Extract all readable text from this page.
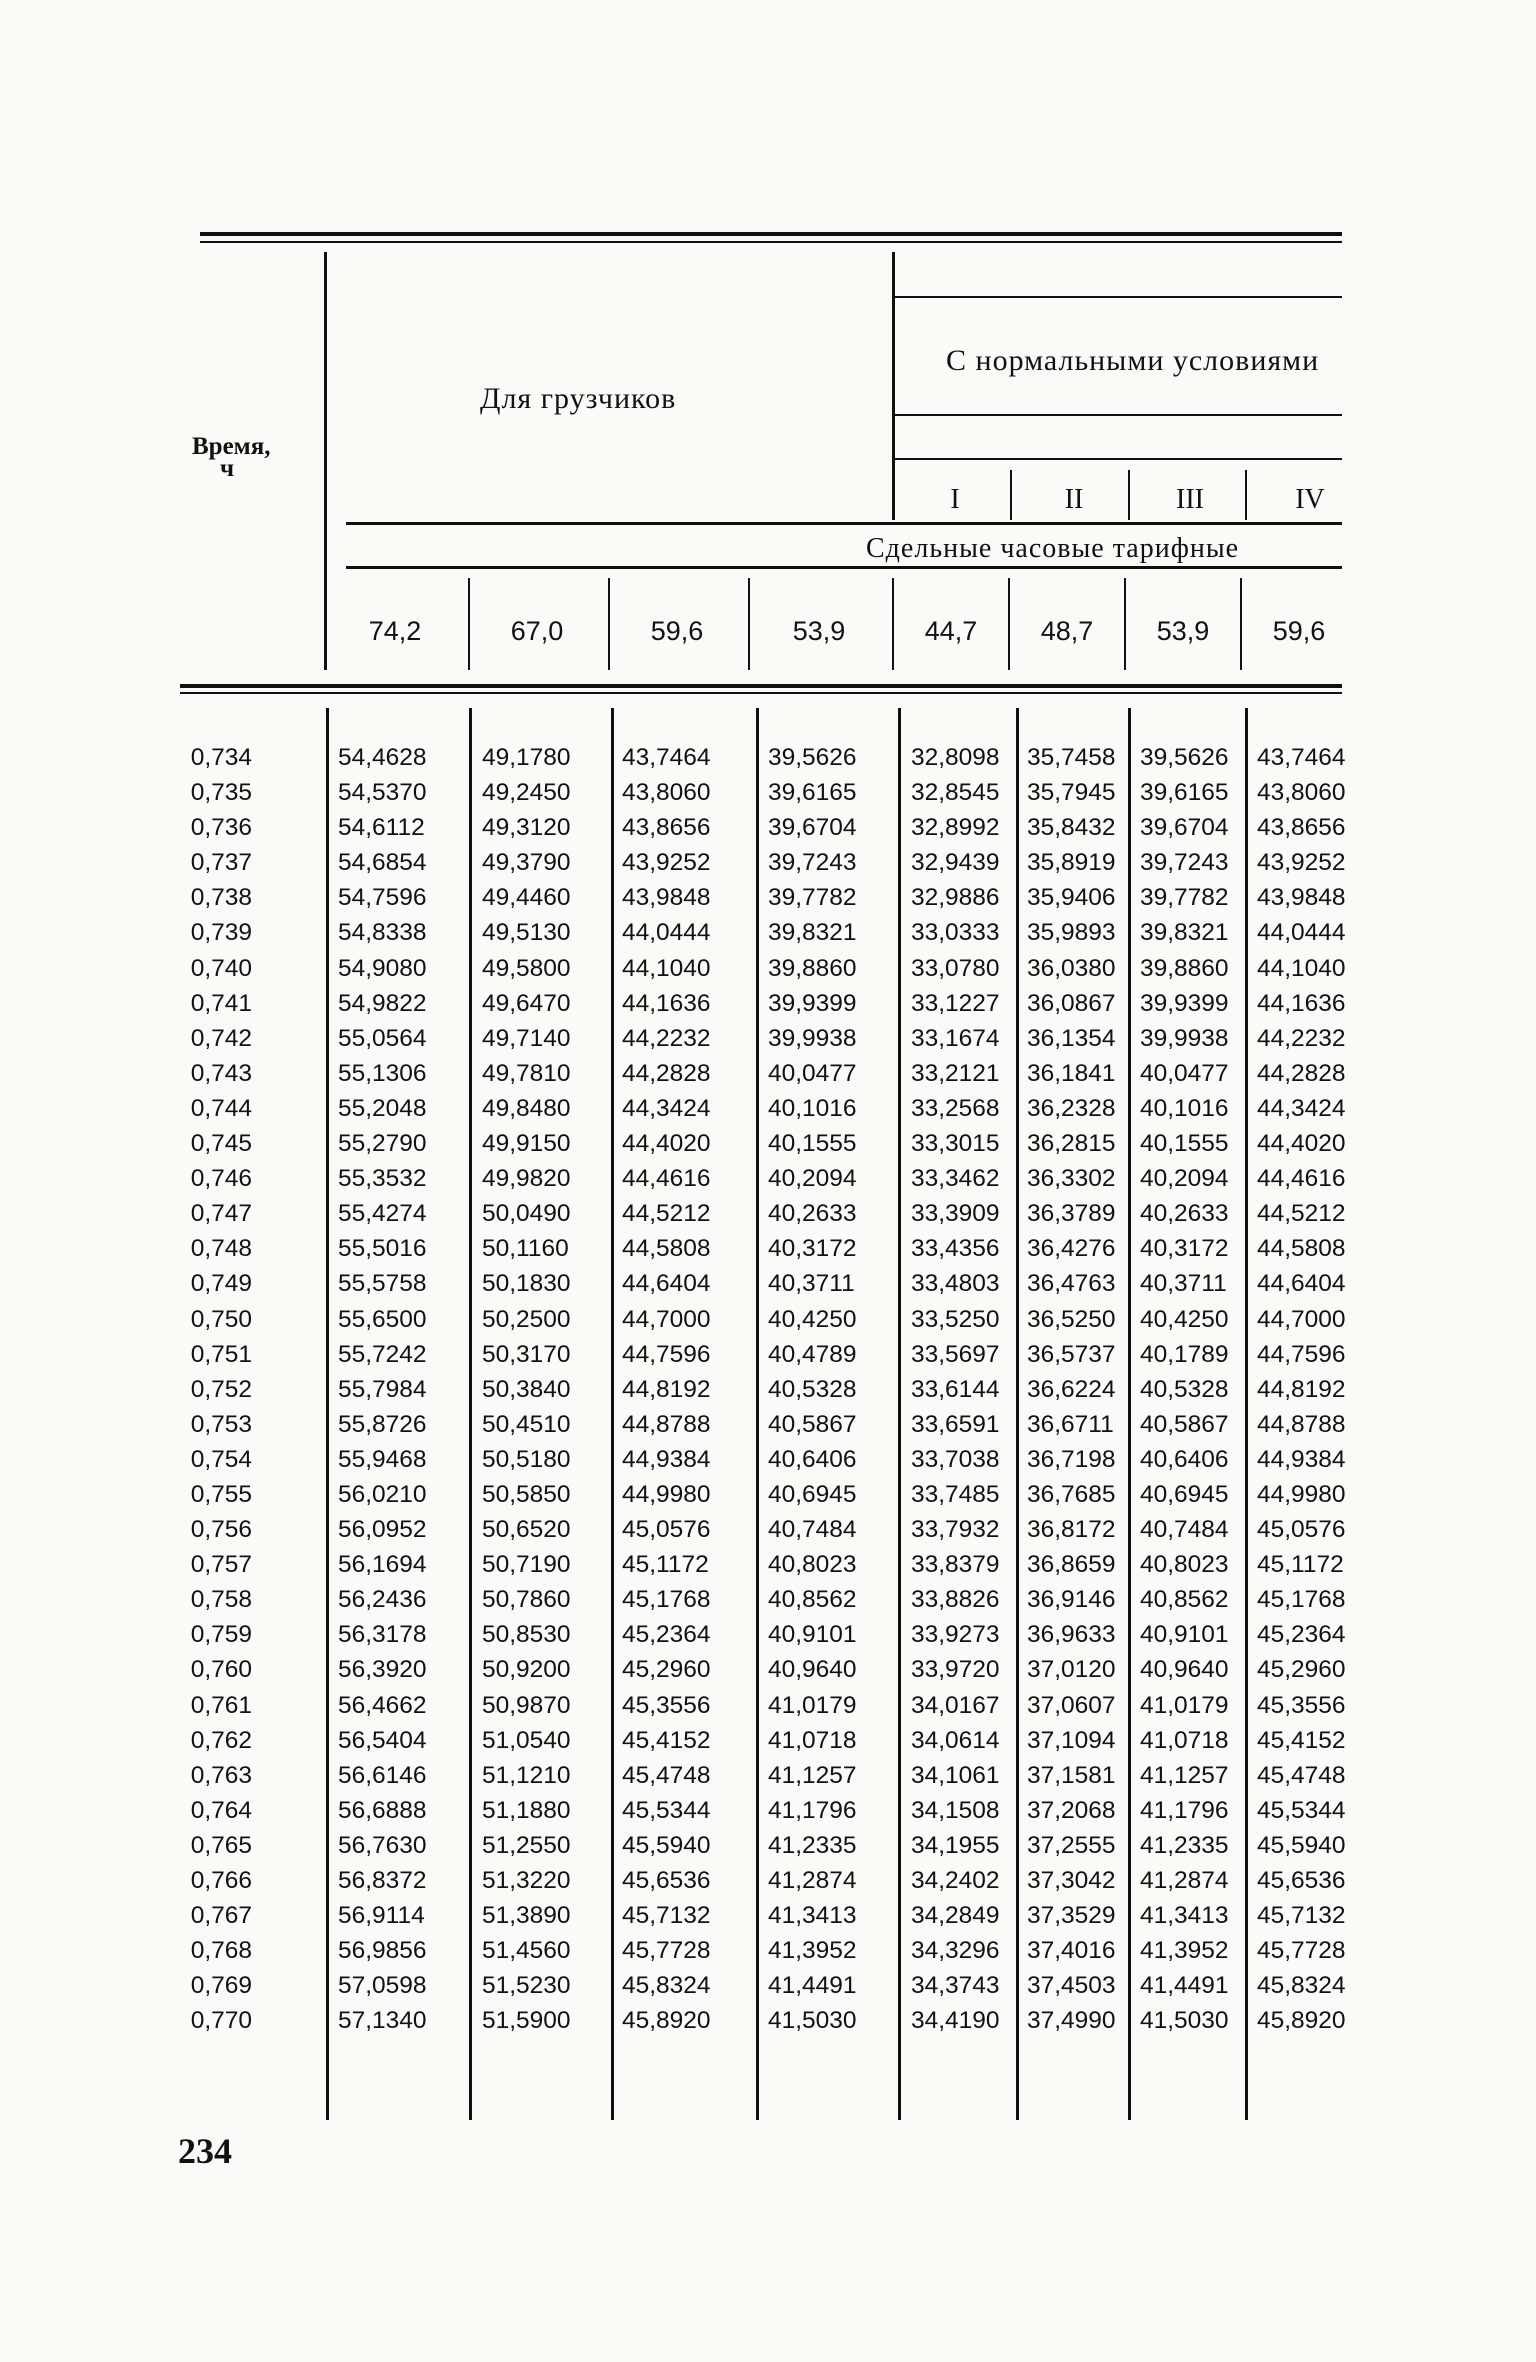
Для грузчиков
С нормальными условиями
Время, ч
I	II	III	IV
Сдельные часовые тарифные
74,2	67,0	59,6	53,9	44,7	48,7	53,9	59,6
0,734	54,4628 49,1780 43,7464 39,5626 32,8098 35,7458 39,5626 43,7464
0,735	54,5370 49,2450 43,8060 39,6165 32,8545 35,7945 39,6165 43,8060
0,736	54,6112 49,3120 43,8656 39,6704 32,8992 35,8432 39,6704 43,8656
0,737	54,6854 49,3790 43,9252 39,7243 32,9439 35,8919 39,7243 43,9252
0,738	54,7596 49,4460 43,9848 39,7782 32,9886 35,9406 39,7782 43,9848
0,739	54,8338 49,5130 44,0444 39,8321 33,0333 35,9893 39,8321 44,0444
0,740	54,9080 49,5800 44,1040 39,8860 33,0780 36,0380 39,8860 44,1040
0,741	54,9822 49,6470 44,1636 39,9399 33,1227 36,0867 39,9399 44,1636
0,742	55,0564 49,7140 44,2232 39,9938 33,1674 36,1354 39,9938 44,2232
0,743	55,1306 49,7810 44,2828 40,0477 33,2121 36,1841 40,0477 44,2828
0,744	55,2048 49,8480 44,3424 40,1016 33,2568 36,2328 40,1016 44,3424
0,745	55,2790 49,9150 44,4020 40,1555 33,3015 36,2815 40,1555 44,4020
0,746	55,3532 49,9820 44,4616 40,2094 33,3462 36,3302 40,2094 44,4616
0,747	55,4274 50,0490 44,5212 40,2633 33,3909 36,3789 40,2633 44,5212
0,748	55,5016 50,1160 44,5808 40,3172 33,4356 36,4276 40,3172 44,5808
0,749	55,5758 50,1830 44,6404 40,3711 33,4803 36,4763 40,3711 44,6404
0,750	55,6500 50,2500 44,7000 40,4250 33,5250 36,5250 40,4250 44,7000
0,751	55,7242 50,3170 44,7596 40,4789 33,5697 36,5737 40,1789 44,7596
0,752	55,7984 50,3840 44,8192 40,5328 33,6144 36,6224 40,5328 44,8192
0,753	55,8726 50,4510 44,8788 40,5867 33,6591 36,6711 40,5867 44,8788
0,754	55,9468 50,5180 44,9384 40,6406 33,7038 36,7198 40,6406 44,9384
0,755	56,0210 50,5850 44,9980 40,6945 33,7485 36,7685 40,6945 44,9980
0,756	56,0952 50,6520 45,0576 40,7484 33,7932 36,8172 40,7484 45,0576
0,757	56,1694 50,7190 45,1172 40,8023 33,8379 36,8659 40,8023 45,1172
0,758	56,2436 50,7860 45,1768 40,8562 33,8826 36,9146 40,8562 45,1768
0,759	56,3178 50,8530 45,2364 40,9101 33,9273 36,9633 40,9101 45,2364
0,760	56,3920 50,9200 45,2960 40,9640 33,9720 37,0120 40,9640 45,2960
0,761	56,4662 50,9870 45,3556 41,0179 34,0167 37,0607 41,0179 45,3556
0,762	56,5404 51,0540 45,4152 41,0718 34,0614 37,1094 41,0718 45,4152
0,763	56,6146 51,1210 45,4748 41,1257 34,1061 37,1581 41,1257 45,4748
0,764	56,6888 51,1880 45,5344 41,1796 34,1508 37,2068 41,1796 45,5344
0,765	56,7630 51,2550 45,5940 41,2335 34,1955 37,2555 41,2335 45,5940
0,766	56,8372 51,3220 45,6536 41,2874 34,2402 37,3042 41,2874 45,6536
0,767	56,9114 51,3890 45,7132 41,3413 34,2849 37,3529 41,3413 45,7132
0,768	56,9856 51,4560 45,7728 41,3952 34,3296 37,4016 41,3952 45,7728
0,769	57,0598 51,5230 45,8324 41,4491 34,3743 37,4503 41,4491 45,8324
0,770	57,1340 51,5900 45,8920 41,5030 34,4190 37,4990 41,5030 45,8920
234
